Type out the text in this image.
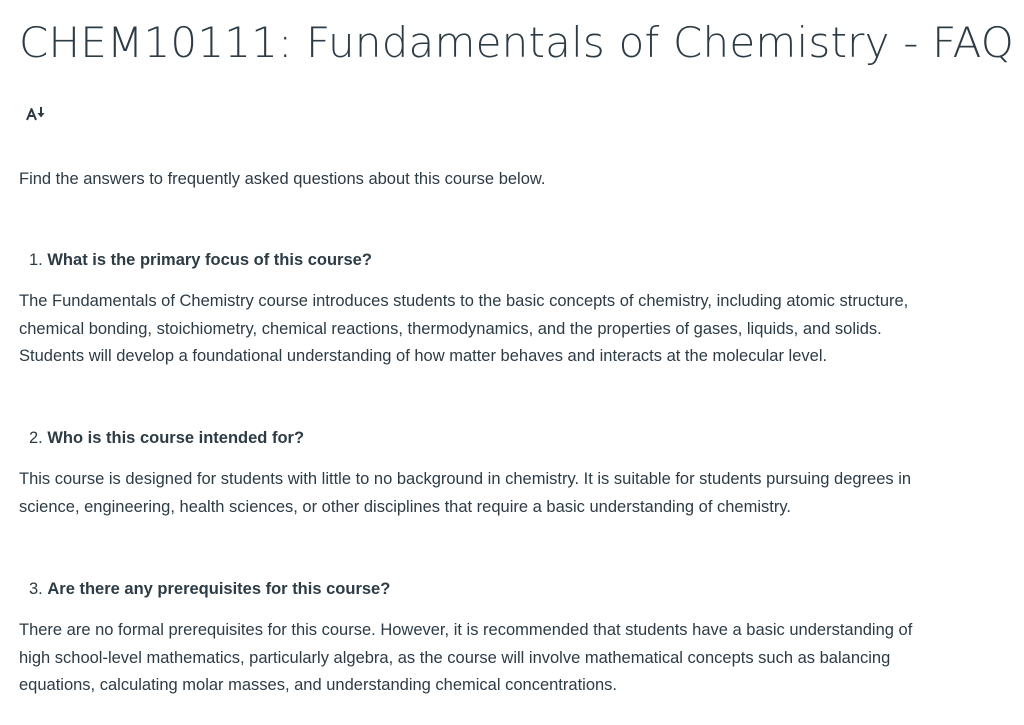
CHEM10111: Fundamentals of Chemistry - FAQ

Find the answers to frequently asked questions about this course below.

1. What is the primary focus of this course?

The Fundamentals of Chemistry course introduces students to the basic concepts of chemistry, including atomic structure,
chemical bonding, stoichiometry, chemical reactions, thermodynamics, and the properties of gases, liquids, and solids.
Students will develop a foundational understanding of how matter behaves and interacts at the molecular level.

2. Who is this course intended for?

This course is designed for students with little to no background in chemistry. It is suitable for students pursuing degrees in
science, engineering, health sciences, or other disciplines that require a basic understanding of chemistry.

3. Are there any prerequisites for this course?

There are no formal prerequisites for this course. However, it is recommended that students have a basic understanding of
high school-level mathematics, particularly algebra, as the course will involve mathematical concepts such as balancing
equations, calculating molar masses, and understanding chemical concentrations.
